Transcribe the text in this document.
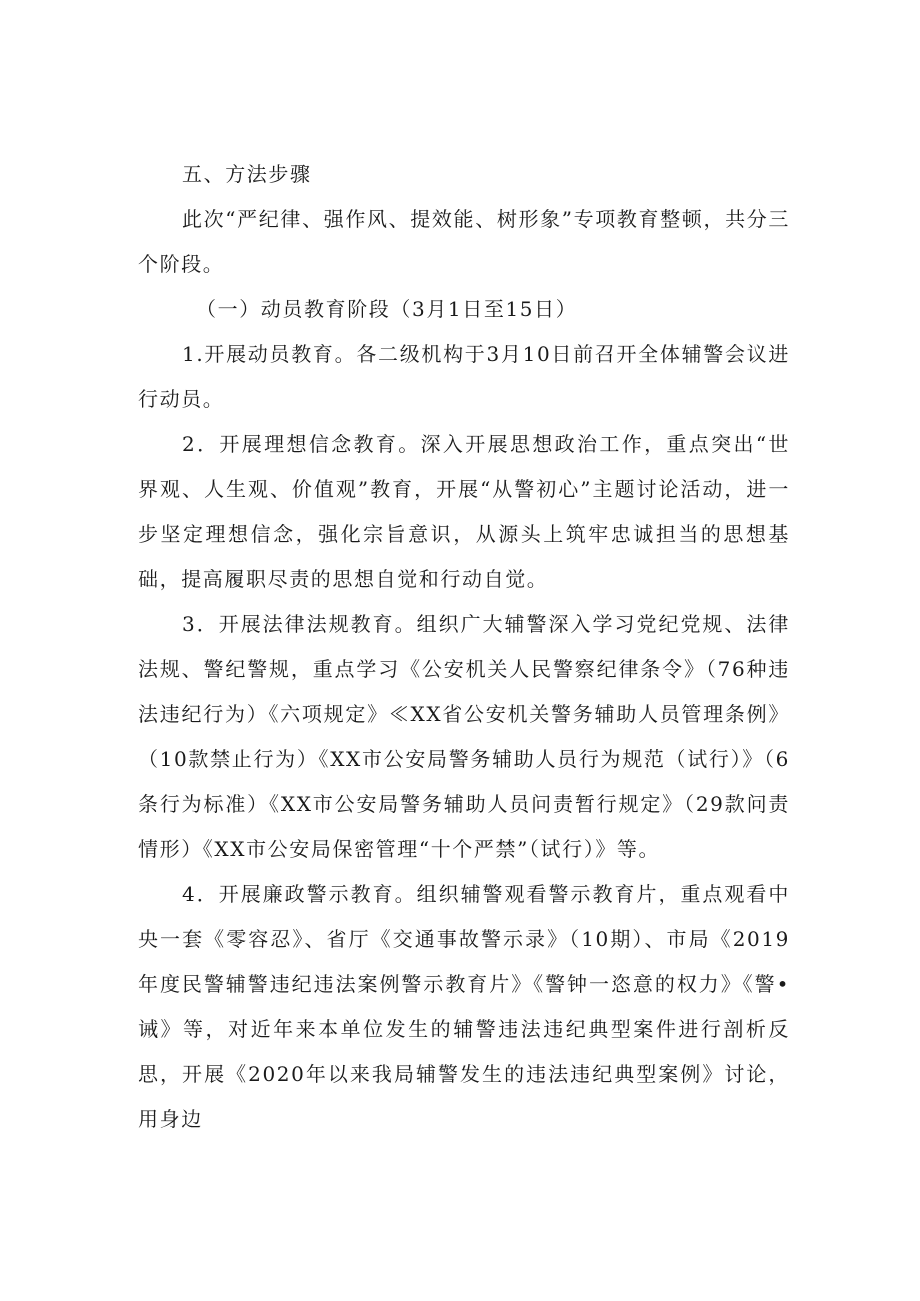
五、方法步骤

此次“严纪律、强作风、提效能、树形象”专项教育整顿，共分三个阶段。

（一）动员教育阶段（3月1日至15日）

1.开展动员教育。各二级机构于3月10日前召开全体辅警会议进行动员。

2．开展理想信念教育。深入开展思想政治工作，重点突出“世界观、人生观、价值观”教育，开展“从警初心”主题讨论活动，进一步坚定理想信念，强化宗旨意识，从源头上筑牢忠诚担当的思想基础，提高履职尽责的思想自觉和行动自觉。

3．开展法律法规教育。组织广大辅警深入学习党纪党规、法律法规、警纪警规，重点学习《公安机关人民警察纪律条令》（76种违法违纪行为）《六项规定》≪XX省公安机关警务辅助人员管理条例》（10款禁止行为）《XX市公安局警务辅助人员行为规范（试行）》（6条行为标准）《XX市公安局警务辅助人员问责暂行规定》（29款问责情形）《XX市公安局保密管理“十个严禁”（试行）》等。

4．开展廉政警示教育。组织辅警观看警示教育片，重点观看中央一套《零容忍》、省厅《交通事故警示录》（10期）、市局《2019年度民警辅警违纪违法案例警示教育片》《警钟一恣意的权力》《警•诫》等，对近年来本单位发生的辅警违法违纪典型案件进行剖析反思，开展《2020年以来我局辅警发生的违法违纪典型案例》讨论，用身边
